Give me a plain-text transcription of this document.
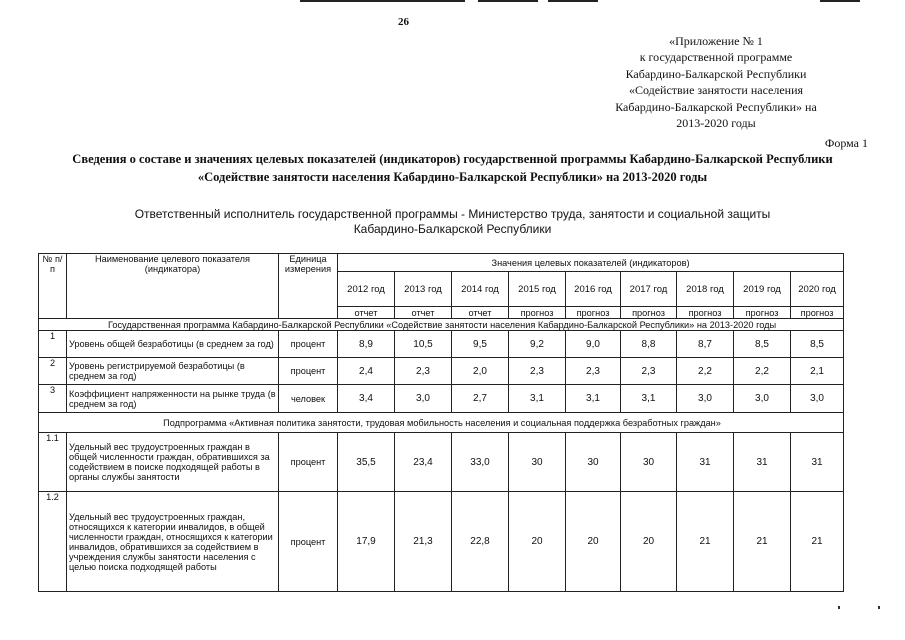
26
«Приложение № 1
к государственной программе
Кабардино-Балкарской Республики
«Содействие занятости населения
Кабардино-Балкарской Республики» на
2013-2020 годы
Форма 1
Сведения о составе и значениях целевых показателей (индикаторов) государственной программы Кабардино-Балкарской Республики
«Содействие занятости населения Кабардино-Балкарской Республики» на 2013-2020 годы
Ответственный исполнитель государственной программы - Министерство труда, занятости и социальной защиты
Кабардино-Балкарской Республики
№ п/п	Наименование целевого показателя (индикатора)	Единица измерения	Значения целевых показателей (индикаторов)								
			2012 год	2013 год	2014 год	2015 год	2016 год	2017 год	2018 год	2019 год	2020 год
			отчет	отчет	отчет	прогноз	прогноз	прогноз	прогноз	прогноз	прогноз
Государственная программа Кабардино-Балкарской Республики «Содействие занятости населения Кабардино-Балкарской Республики» на 2013-2020 годы											
1	Уровень общей безработицы (в среднем за год)	процент	8,9	10,5	9,5	9,2	9,0	8,8	8,7	8,5	8,5
2	Уровень регистрируемой безработицы (в среднем за год)	процент	2,4	2,3	2,0	2,3	2,3	2,3	2,2	2,2	2,1
3	Коэффициент напряженности на рынке труда (в среднем за год)	человек	3,4	3,0	2,7	3,1	3,1	3,1	3,0	3,0	3,0
Подпрограмма «Активная политика занятости, трудовая мобильность населения и социальная поддержка безработных граждан»											
1.1	Удельный вес трудоустроенных граждан в общей численности граждан, обратившихся за содействием в поиске подходящей работы в органы службы занятости	процент	35,5	23,4	33,0	30	30	30	31	31	31
1.2	Удельный вес трудоустроенных граждан, относящихся к категории инвалидов, в общей численности граждан, относящихся к категории инвалидов, обратившихся за содействием в учреждения службы занятости населения с целью поиска подходящей работы	процент	17,9	21,3	22,8	20	20	20	21	21	21
